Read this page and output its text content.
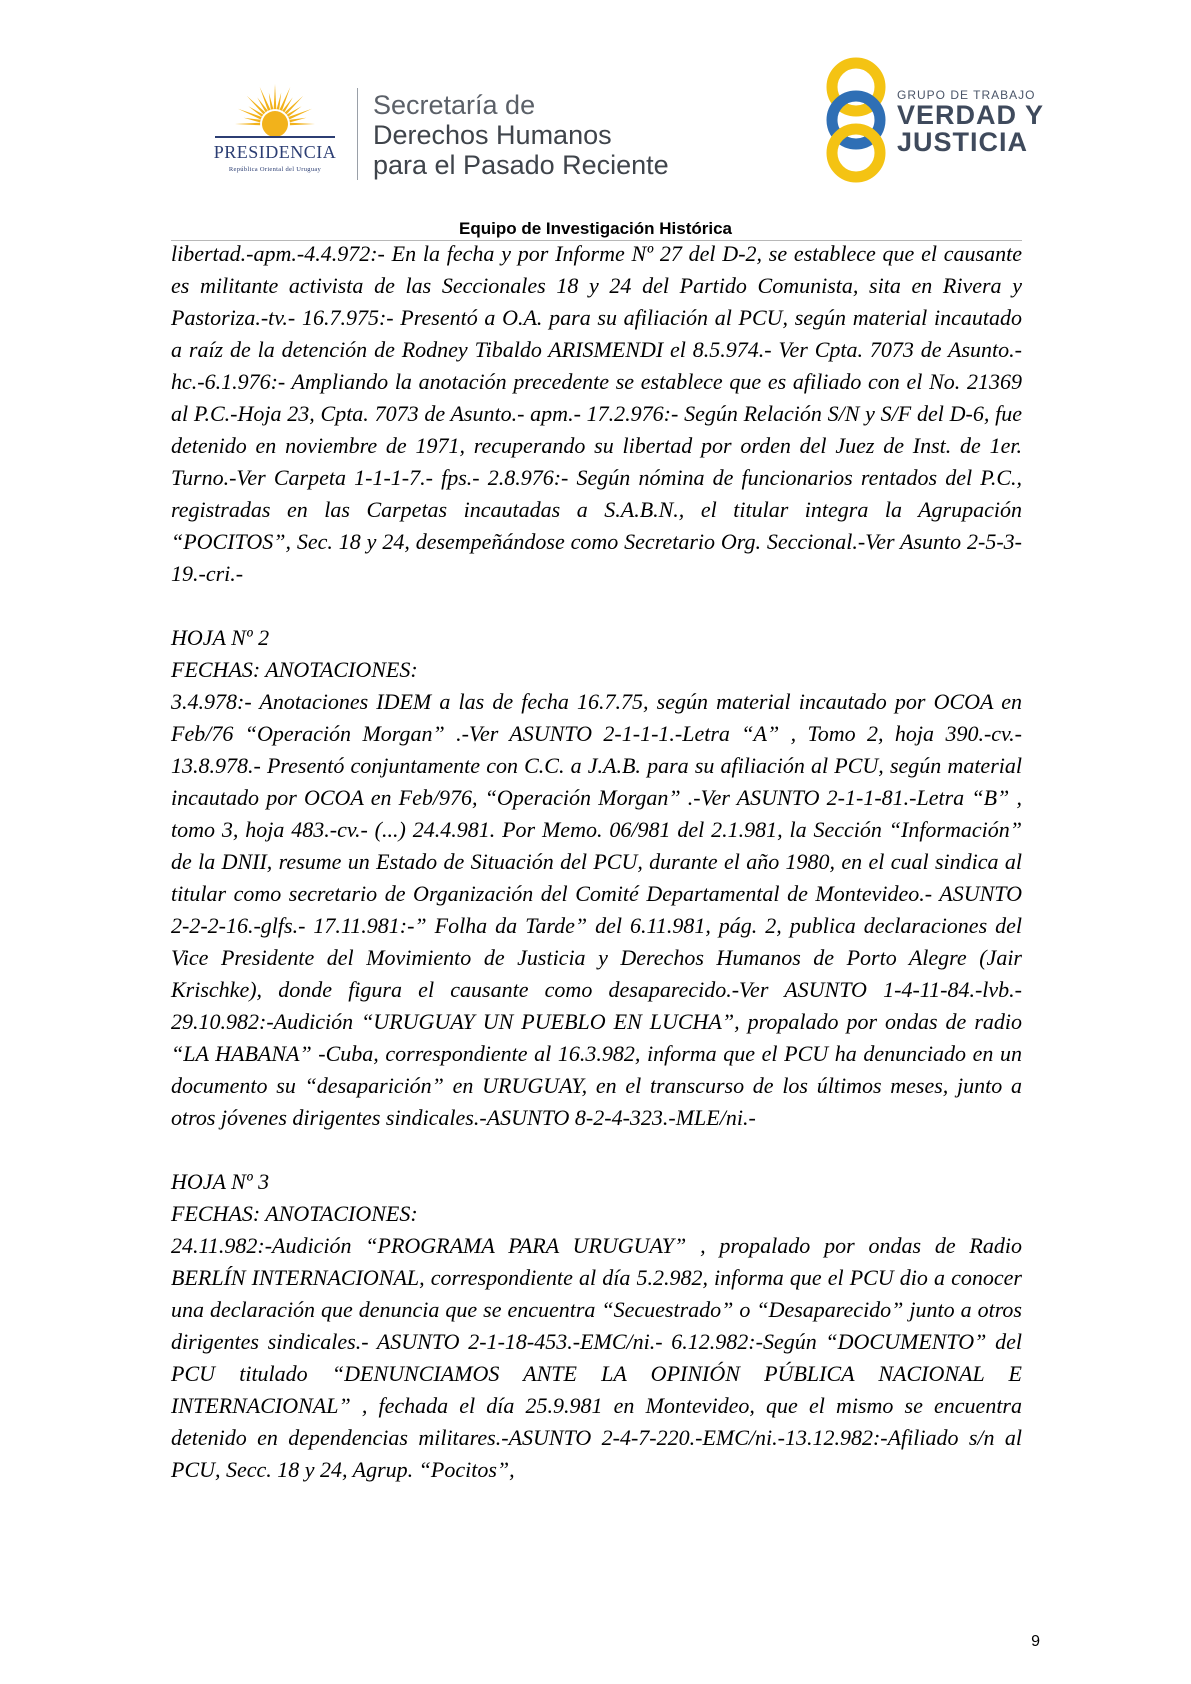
PRESIDENCIA
República Oriental del Uruguay
Secretaría de
Derechos Humanos
para el Pasado Reciente
GRUPO DE TRABAJO
VERDAD Y
JUSTICIA
Equipo de Investigación Histórica

libertad.-apm.-4.4.972:- En la fecha y por Informe Nº 27 del D-2, se establece que el causante es militante activista de las Seccionales 18 y 24 del Partido Comunista, sita en Rivera y Pastoriza.-tv.- 16.7.975:- Presentó a O.A. para su afiliación al PCU, según material incautado a raíz de la detención de Rodney Tibaldo ARISMENDI el 8.5.974.- Ver Cpta. 7073 de Asunto.-hc.-6.1.976:- Ampliando la anotación precedente se establece que es afiliado con el No. 21369 al P.C.-Hoja 23, Cpta. 7073 de Asunto.- apm.- 17.2.976:- Según Relación S/N y S/F del D-6, fue detenido en noviembre de 1971, recuperando su libertad por orden del Juez de Inst. de 1er. Turno.-Ver Carpeta 1-1-1-7.- fps.- 2.8.976:- Según nómina de funcionarios rentados del P.C., registradas en las Carpetas incautadas a S.A.B.N., el titular integra la Agrupación “POCITOS”, Sec. 18 y 24, desempeñándose como Secretario Org. Seccional.-Ver Asunto 2-5-3-19.-cri.-

HOJA Nº 2

FECHAS: ANOTACIONES:

3.4.978:- Anotaciones IDEM a las de fecha 16.7.75, según material incautado por OCOA en Feb/76 “Operación Morgan” .-Ver ASUNTO 2-1-1-1.-Letra “A” , Tomo 2, hoja 390.-cv.- 13.8.978.- Presentó conjuntamente con C.C. a J.A.B. para su afiliación al PCU, según material incautado por OCOA en Feb/976, “Operación Morgan” .-Ver ASUNTO 2-1-1-81.-Letra “B” , tomo 3, hoja 483.-cv.- (...) 24.4.981. Por Memo. 06/981 del 2.1.981, la Sección “Información” de la DNII, resume un Estado de Situación del PCU, durante el año 1980, en el cual sindica al titular como secretario de Organización del Comité Departamental de Montevideo.- ASUNTO 2-2-2-16.-glfs.- 17.11.981:-” Folha da Tarde” del 6.11.981, pág. 2, publica declaraciones del Vice Presidente del Movimiento de Justicia y Derechos Humanos de Porto Alegre (Jair Krischke), donde figura el causante como desaparecido.-Ver ASUNTO 1-4-11-84.-lvb.- 29.10.982:-Audición “URUGUAY UN PUEBLO EN LUCHA”, propalado por ondas de radio “LA HABANA” -Cuba, correspondiente al 16.3.982, informa que el PCU ha denunciado en un documento su “desaparición” en URUGUAY, en el transcurso de los últimos meses, junto a otros jóvenes dirigentes sindicales.-ASUNTO 8-2-4-323.-MLE/ni.-

HOJA Nº 3

FECHAS: ANOTACIONES:

24.11.982:-Audición “PROGRAMA PARA URUGUAY” , propalado por ondas de Radio BERLÍN INTERNACIONAL, correspondiente al día 5.2.982, informa que el PCU dio a conocer una declaración que denuncia que se encuentra “Secuestrado” o “Desaparecido” junto a otros dirigentes sindicales.- ASUNTO 2-1-18-453.-EMC/ni.- 6.12.982:-Según “DOCUMENTO” del PCU titulado “DENUNCIAMOS ANTE LA OPINIÓN PÚBLICA NACIONAL E INTERNACIONAL” , fechada el día 25.9.981 en Montevideo, que el mismo se encuentra detenido en dependencias militares.-ASUNTO 2-4-7-220.-EMC/ni.-13.12.982:-Afiliado s/n al PCU, Secc. 18 y 24, Agrup. “Pocitos”,

9
